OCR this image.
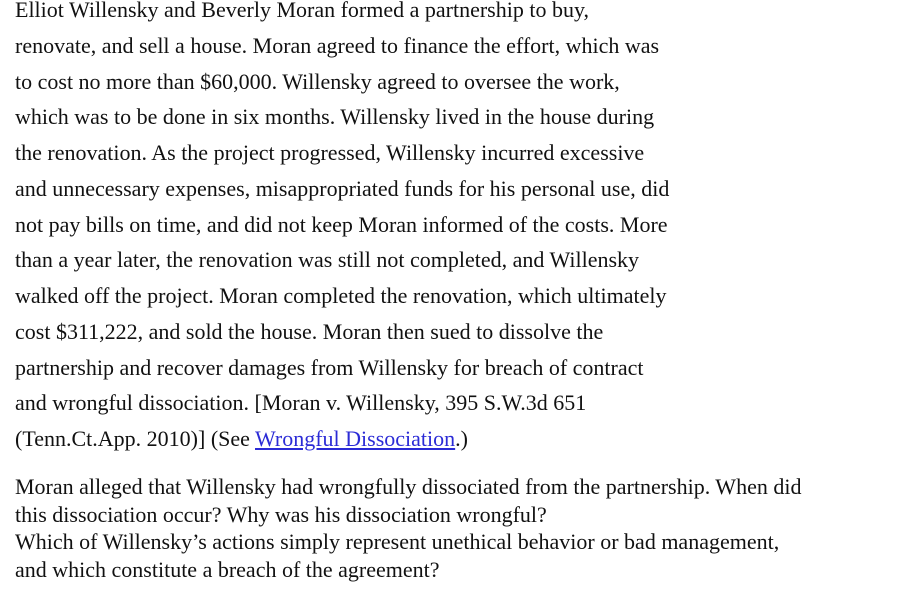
Elliot Willensky and Beverly Moran formed a partnership to buy,
renovate, and sell a house. Moran agreed to finance the effort, which was
to cost no more than $60,000. Willensky agreed to oversee the work,
which was to be done in six months. Willensky lived in the house during
the renovation. As the project progressed, Willensky incurred excessive
and unnecessary expenses, misappropriated funds for his personal use, did
not pay bills on time, and did not keep Moran informed of the costs. More
than a year later, the renovation was still not completed, and Willensky
walked off the project. Moran completed the renovation, which ultimately
cost $311,222, and sold the house. Moran then sued to dissolve the
partnership and recover damages from Willensky for breach of contract
and wrongful dissociation. [Moran v. Willensky, 395 S.W.3d 651
(Tenn.Ct.App. 2010)] (See Wrongful Dissociation.)
Moran alleged that Willensky had wrongfully dissociated from the partnership. When did
this dissociation occur? Why was his dissociation wrongful?
Which of Willensky’s actions simply represent unethical behavior or bad management,
and which constitute a breach of the agreement?
